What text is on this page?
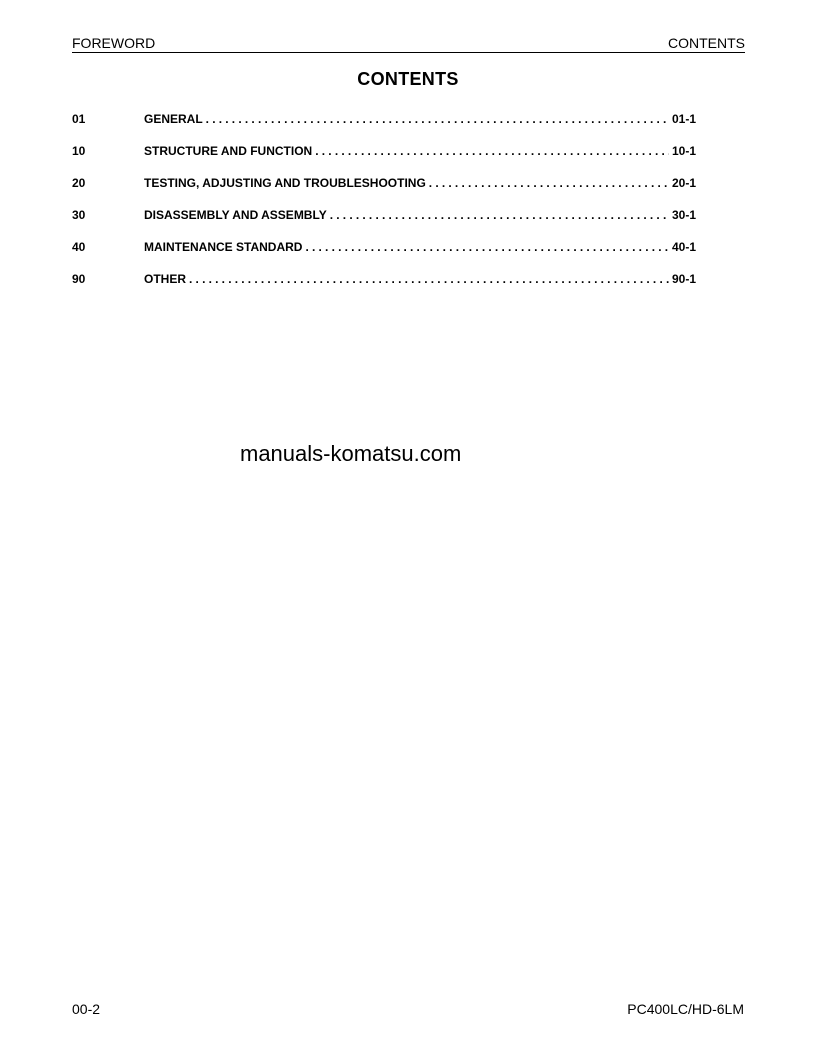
FOREWORD	CONTENTS
CONTENTS
01	GENERAL .....	01-1
10	STRUCTURE AND FUNCTION .....	10-1
20	TESTING, ADJUSTING AND TROUBLESHOOTING .....	20-1
30	DISASSEMBLY AND ASSEMBLY .....	30-1
40	MAINTENANCE STANDARD .....	40-1
90	OTHER .....	90-1
manuals-komatsu.com
00-2	PC400LC/HD-6LM
